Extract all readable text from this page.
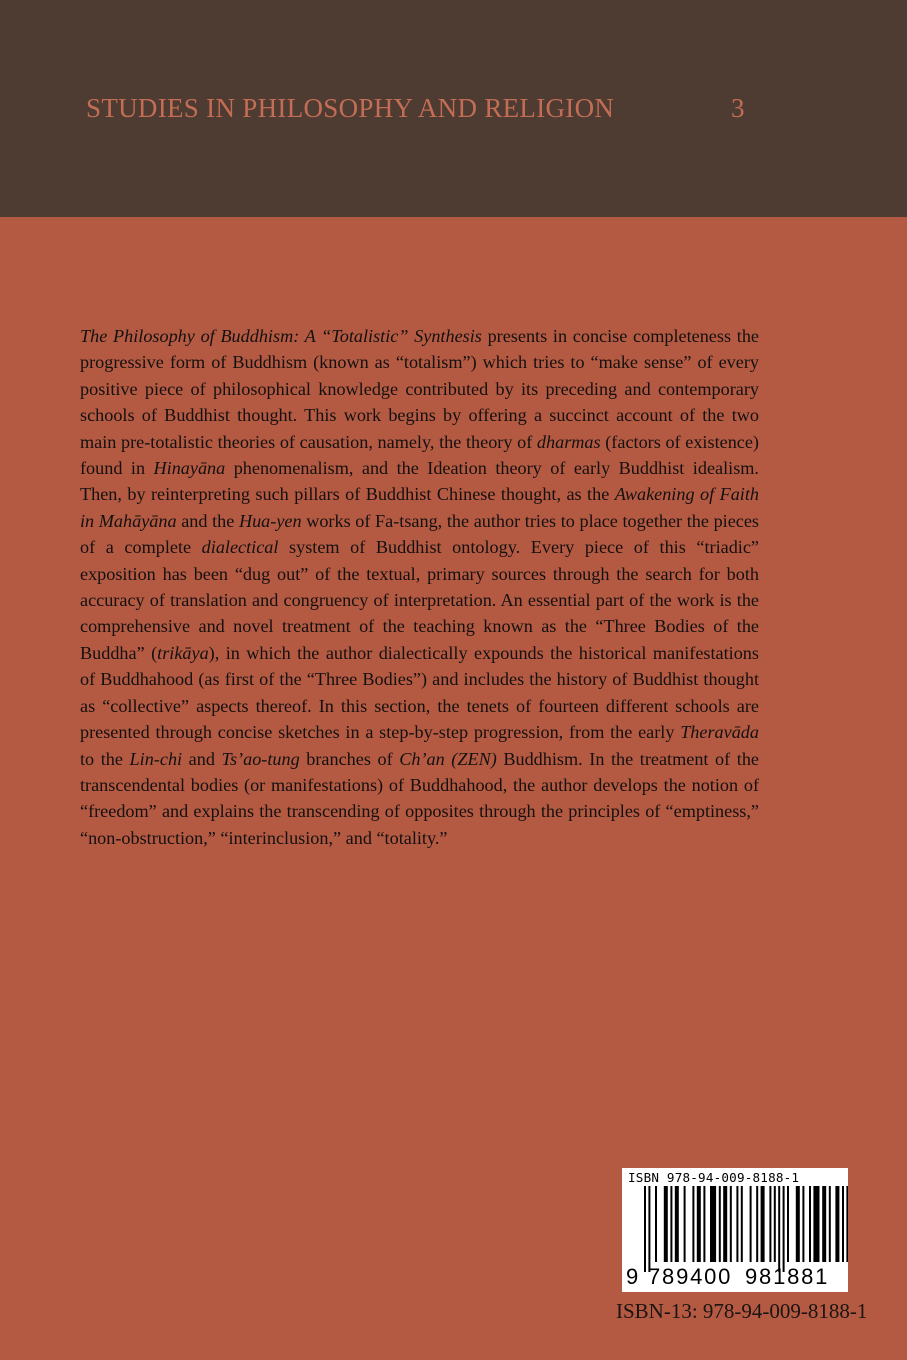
STUDIES IN PHILOSOPHY AND RELIGION	3

The Philosophy of Buddhism: A “Totalistic” Synthesis presents in concise completeness the progressive form of Buddhism (known as “totalism”) which tries to “make sense” of every positive piece of philosophical knowledge contributed by its preceding and contemporary schools of Buddhist thought. This work begins by offering a succinct account of the two main pre-totalistic theories of causation, namely, the theory of dharmas (factors of existence) found in Hinayāna phenomenalism, and the Ideation theory of early Buddhist idealism. Then, by reinterpreting such pillars of Buddhist Chinese thought, as the Awakening of Faith in Mahāyāna and the Hua-yen works of Fa-tsang, the author tries to place together the pieces of a complete dialectical system of Buddhist ontology. Every piece of this “triadic” exposition has been “dug out” of the textual, primary sources through the search for both accuracy of translation and congruency of interpretation. An essential part of the work is the comprehensive and novel treatment of the teaching known as the “Three Bodies of the Buddha” (trikāya), in which the author dialectically expounds the historical manifestations of Buddhahood (as first of the “Three Bodies”) and includes the history of Buddhist thought as “collective” aspects thereof. In this section, the tenets of fourteen different schools are presented through concise sketches in a step-by-step progression, from the early Theravāda to the Lin-chi and Ts’ao-tung branches of Ch’an (ZEN) Buddhism. In the treatment of the transcendental bodies (or manifestations) of Buddhahood, the author develops the notion of “freedom” and explains the transcending of opposites through the principles of “emptiness,” “non-obstruction,” “interinclusion,” and “totality.”

ISBN 978-94-009-8188-1
9 789400 981881
ISBN-13: 978-94-009-8188-1
